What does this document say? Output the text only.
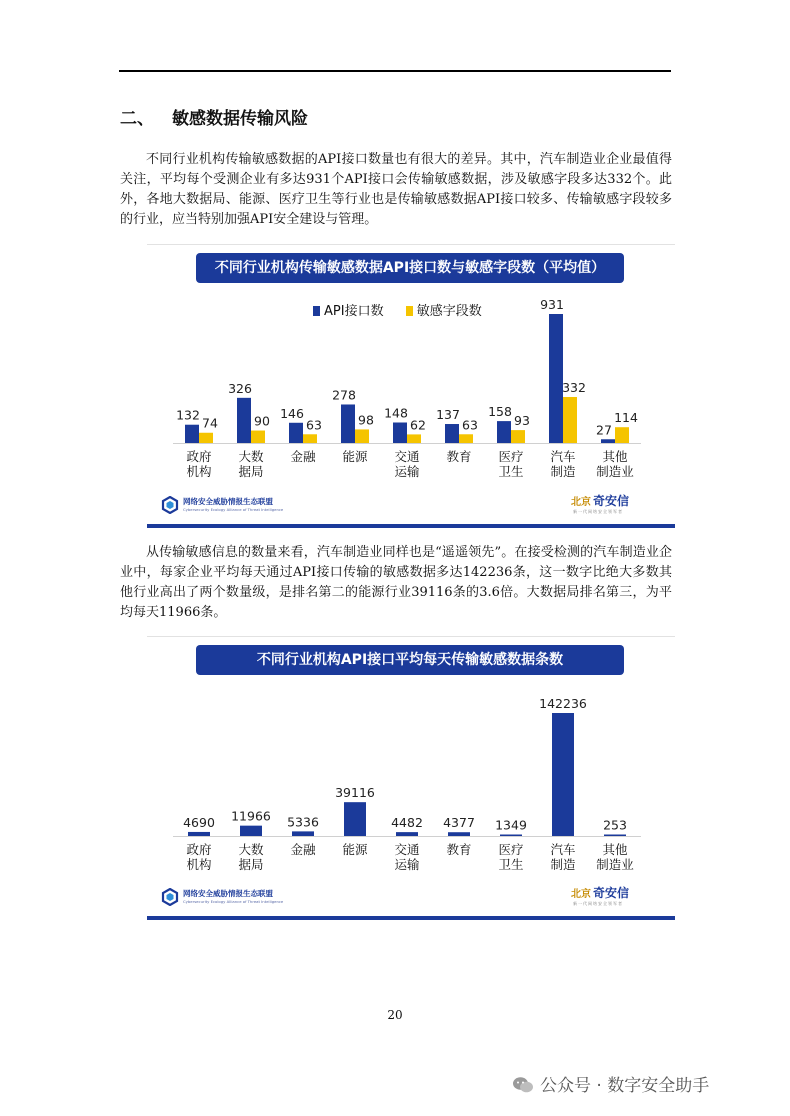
二、 敏感数据传输风险

不同行业机构传输敏感数据的API接口数量也有很大的差异。其中，汽车制造业企业最值得关注，平均每个受测企业有多达931个API接口会传输敏感数据，涉及敏感字段多达332个。此外，各地大数据局、能源、医疗卫生等行业也是传输敏感数据API接口较多、传输敏感字段较多的行业，应当特别加强API安全建设与管理。

不同行业机构传输敏感数据API接口数与敏感字段数（平均值）
API接口数	敏感字段数
132
74
政府
机构
326
90
大数
据局
146
63
金融
278
98
能源
148
62
交通
运输
137
63
教育
158
93
医疗
卫生
931
332
汽车
制造
27
114
其他
制造业
网络安全威胁情报生态联盟
Cybersecurity Ecology Alliance of Threat Intelligence
北京 奇安信
新一代网络安全领军者

从传输敏感信息的数量来看，汽车制造业同样也是“遥遥领先”。在接受检测的汽车制造业企业中，每家企业平均每天通过API接口传输的敏感数据多达142236条，这一数字比绝大多数其他行业高出了两个数量级，是排名第二的能源行业39116条的3.6倍。大数据局排名第三，为平均每天11966条。

不同行业机构API接口平均每天传输敏感数据条数
4690
政府
机构
11966
大数
据局
5336
金融
39116
能源
4482
交通
运输
4377
教育
1349
医疗
卫生
142236
汽车
制造
253
其他
制造业
网络安全威胁情报生态联盟
Cybersecurity Ecology Alliance of Threat Intelligence
北京 奇安信
新一代网络安全领军者
20
公众号 · 数字安全助手
